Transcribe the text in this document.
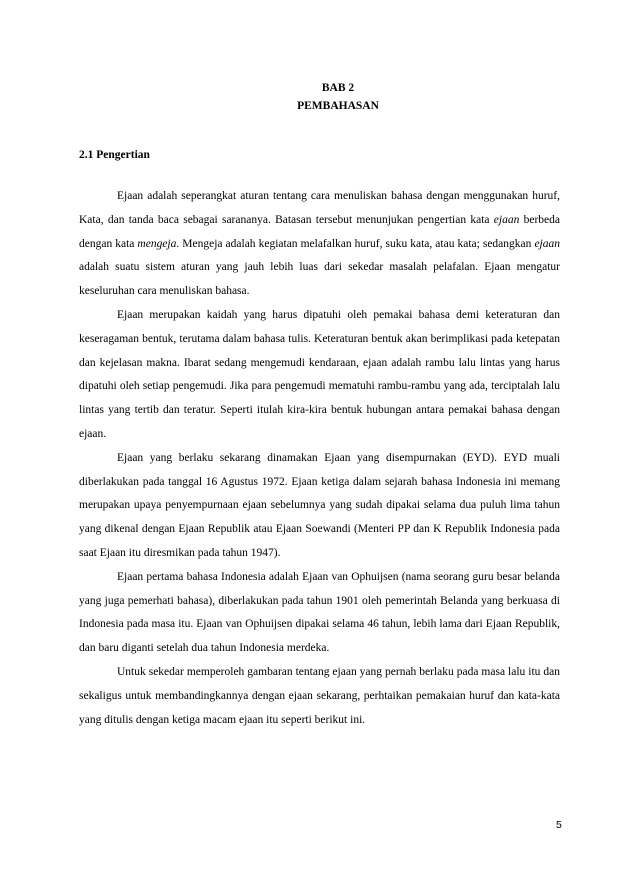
BAB 2
PEMBAHASAN
2.1 Pengertian

Ejaan adalah seperangkat aturan tentang cara menuliskan bahasa dengan menggunakan huruf, Kata, dan tanda baca sebagai sarananya. Batasan tersebut menunjukan pengertian kata ejaan berbeda dengan kata mengeja. Mengeja adalah kegiatan melafalkan huruf, suku kata, atau kata; sedangkan ejaan adalah suatu sistem aturan yang jauh lebih luas dari sekedar masalah pelafalan. Ejaan mengatur keseluruhan cara menuliskan bahasa.

Ejaan merupakan kaidah yang harus dipatuhi oleh pemakai bahasa demi keteraturan dan keseragaman bentuk, terutama dalam bahasa tulis. Keteraturan bentuk akan berimplikasi pada ketepatan dan kejelasan makna. Ibarat sedang mengemudi kendaraan, ejaan adalah rambu lalu lintas yang harus dipatuhi oleh setiap pengemudi. Jika para pengemudi mematuhi rambu-rambu yang ada, terciptalah lalu lintas yang tertib dan teratur. Seperti itulah kira-kira bentuk hubungan antara pemakai bahasa dengan ejaan.

Ejaan yang berlaku sekarang dinamakan Ejaan yang disempurnakan (EYD). EYD muali diberlakukan pada tanggal 16 Agustus 1972. Ejaan ketiga dalam sejarah bahasa Indonesia ini memang merupakan upaya penyempurnaan ejaan sebelumnya yang sudah dipakai selama dua puluh lima tahun yang dikenal dengan Ejaan Republik atau Ejaan Soewandi (Menteri PP dan K Republik Indonesia pada saat Ejaan itu diresmikan pada tahun 1947).

Ejaan pertama bahasa Indonesia adalah Ejaan van Ophuijsen (nama seorang guru besar belanda yang juga pemerhati bahasa), diberlakukan pada tahun 1901 oleh pemerintah Belanda yang berkuasa di Indonesia pada masa itu. Ejaan van Ophuijsen dipakai selama 46 tahun, lebih lama dari Ejaan Republik, dan baru diganti setelah dua tahun Indonesia merdeka.

Untuk sekedar memperoleh gambaran tentang ejaan yang pernah berlaku pada masa lalu itu dan sekaligus untuk membandingkannya dengan ejaan sekarang, perhtaikan pemakaian huruf dan kata-kata yang ditulis dengan ketiga macam ejaan itu seperti berikut ini.

5
